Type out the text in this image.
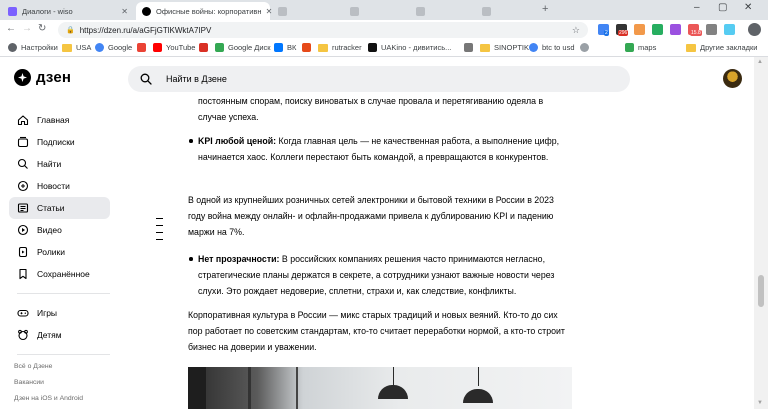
Диалоги - wiso	✕	Офисные войны: корпоративн ✕	+	– ▢ ✕
← → ↻	🔒 https://dzen.ru/a/aGFjGTlKWktA7IPV	☆	2 296	15.8
Настройки USA Google	YouTube	Google Диск ВК	rutracker	UAKino - дивитись...	SINOPTIK btc to usd	maps	Другие закладки
дзен	Найти в Дзене
Главная
Подписки
Найти
Новости
Статьи
Видео
Ролики
Сохранённое
Игры
Детям
Всё о Дзене
Вакансии
Дзен на iOS и Android
постоянным спорам, поиску виноватых в случае провала и перетягиванию одеяла в случае успеха.
KPI любой ценой: Когда главная цель — не качественная работа, а выполнение цифр, начинается хаос. Коллеги перестают быть командой, а превращаются в конкурентов.
В одной из крупнейших розничных сетей электроники и бытовой техники в России в 2023 году война между онлайн- и офлайн-продажами привела к дублированию KPI и падению маржи на 7%.
Нет прозрачности: В российских компаниях решения часто принимаются негласно, стратегические планы держатся в секрете, а сотрудники узнают важные новости через слухи. Это рождает недоверие, сплетни, страхи и, как следствие, конфликты.
Корпоративная культура в России — микс старых традиций и новых веяний. Кто-то до сих пор работает по советским стандартам, кто-то считает переработки нормой, а кто-то строит бизнес на доверии и уважении.
▲
▼
